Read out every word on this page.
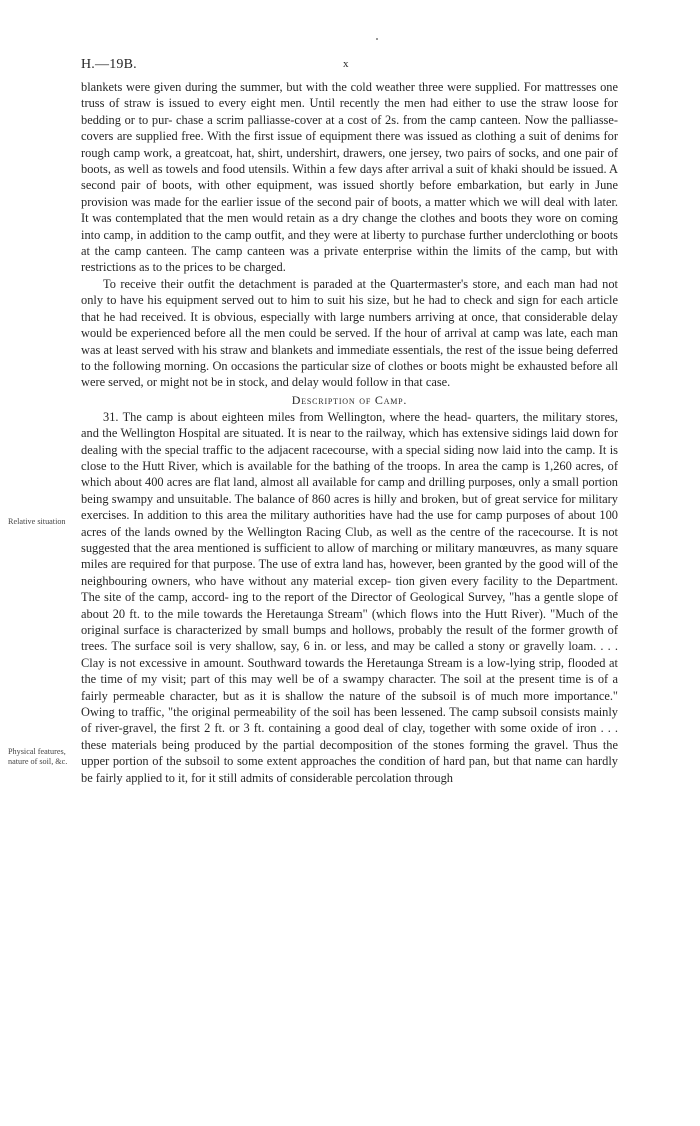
H.—19B.	x
Relative situation
Physical features, nature of soil, &c.

blankets were given during the summer, but with the cold weather three were supplied. For mattresses one truss of straw is issued to every eight men. Until recently the men had either to use the straw loose for bedding or to pur- chase a scrim palliasse-cover at a cost of 2s. from the camp canteen. Now the palliasse-covers are supplied free. With the first issue of equipment there was issued as clothing a suit of denims for rough camp work, a greatcoat, hat, shirt, undershirt, drawers, one jersey, two pairs of socks, and one pair of boots, as well as towels and food utensils. Within a few days after arrival a suit of khaki should be issued. A second pair of boots, with other equipment, was issued shortly before embarkation, but early in June provision was made for the earlier issue of the second pair of boots, a matter which we will deal with later. It was contemplated that the men would retain as a dry change the clothes and boots they wore on coming into camp, in addition to the camp outfit, and they were at liberty to purchase further underclothing or boots at the camp canteen. The camp canteen was a private enterprise within the limits of the camp, but with restrictions as to the prices to be charged.

To receive their outfit the detachment is paraded at the Quartermaster's store, and each man had not only to have his equipment served out to him to suit his size, but he had to check and sign for each article that he had received. It is obvious, especially with large numbers arriving at once, that considerable delay would be experienced before all the men could be served. If the hour of arrival at camp was late, each man was at least served with his straw and blankets and immediate essentials, the rest of the issue being deferred to the following morning. On occasions the particular size of clothes or boots might be exhausted before all were served, or might not be in stock, and delay would follow in that case.

Description of Camp.

31. The camp is about eighteen miles from Wellington, where the head- quarters, the military stores, and the Wellington Hospital are situated. It is near to the railway, which has extensive sidings laid down for dealing with the special traffic to the adjacent racecourse, with a special siding now laid into the camp. It is close to the Hutt River, which is available for the bathing of the troops. In area the camp is 1,260 acres, of which about 400 acres are flat land, almost all available for camp and drilling purposes, only a small portion being swampy and unsuitable. The balance of 860 acres is hilly and broken, but of great service for military exercises. In addition to this area the military authorities have had the use for camp purposes of about 100 acres of the lands owned by the Wellington Racing Club, as well as the centre of the racecourse. It is not suggested that the area mentioned is sufficient to allow of marching or military manœuvres, as many square miles are required for that purpose. The use of extra land has, however, been granted by the good will of the neighbouring owners, who have without any material excep- tion given every facility to the Department. The site of the camp, accord- ing to the report of the Director of Geological Survey, "has a gentle slope of about 20 ft. to the mile towards the Heretaunga Stream" (which flows into the Hutt River). "Much of the original surface is characterized by small bumps and hollows, probably the result of the former growth of trees. The surface soil is very shallow, say, 6 in. or less, and may be called a stony or gravelly loam. . . . Clay is not excessive in amount. Southward towards the Heretaunga Stream is a low-lying strip, flooded at the time of my visit; part of this may well be of a swampy character. The soil at the present time is of a fairly permeable character, but as it is shallow the nature of the subsoil is of much more importance." Owing to traffic, "the original permeability of the soil has been lessened. The camp subsoil consists mainly of river-gravel, the first 2 ft. or 3 ft. containing a good deal of clay, together with some oxide of iron . . . these materials being produced by the partial decomposition of the stones forming the gravel. Thus the upper portion of the subsoil to some extent approaches the condition of hard pan, but that name can hardly be fairly applied to it, for it still admits of considerable percolation through
